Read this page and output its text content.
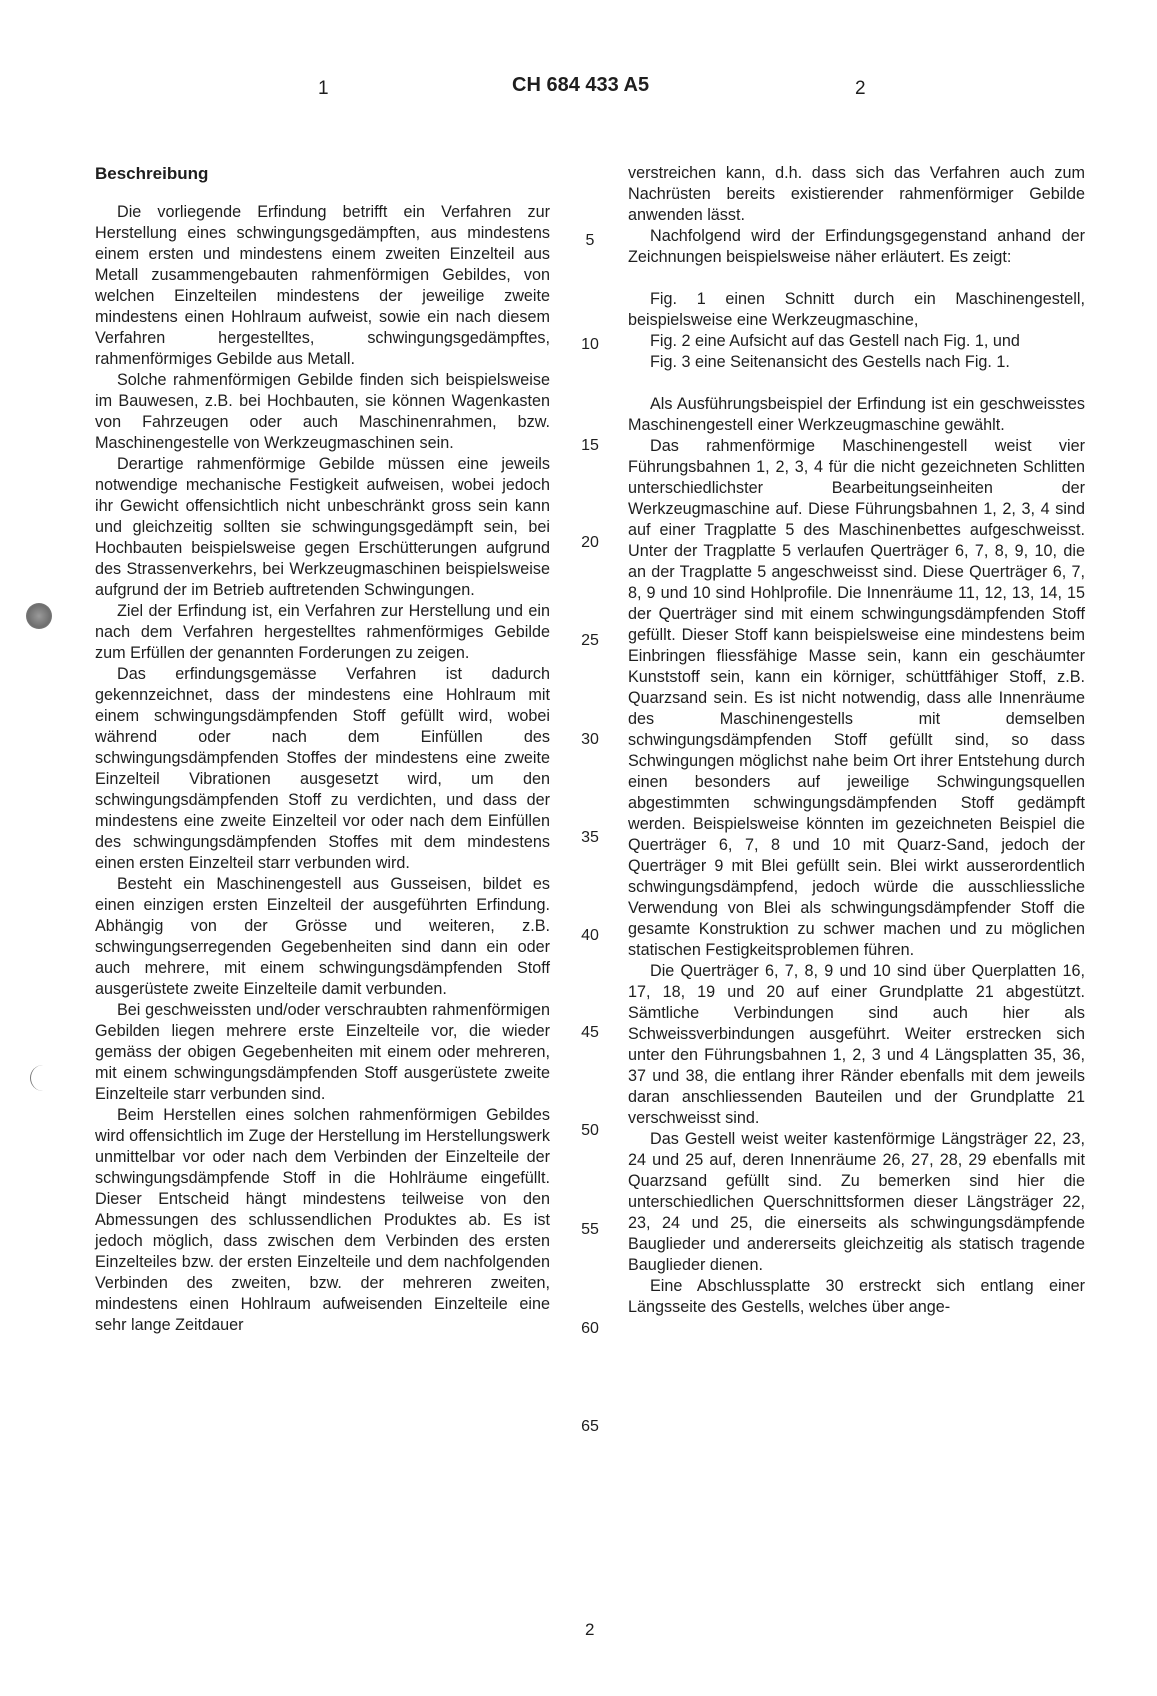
1	CH 684 433 A5	2

Beschreibung

Die vorliegende Erfindung betrifft ein Verfahren zur Herstellung eines schwingungsgedämpften, aus mindestens einem ersten und mindestens einem zweiten Einzelteil aus Metall zusammengebauten rahmenförmigen Gebildes, von welchen Einzelteilen mindestens der jeweilige zweite mindestens einen Hohlraum aufweist, sowie ein nach diesem Verfahren hergestelltes, schwingungsgedämpftes, rahmenförmiges Gebilde aus Metall.

Solche rahmenförmigen Gebilde finden sich beispielsweise im Bauwesen, z.B. bei Hochbauten, sie können Wagenkasten von Fahrzeugen oder auch Maschinenrahmen, bzw. Maschinengestelle von Werkzeugmaschinen sein.

Derartige rahmenförmige Gebilde müssen eine jeweils notwendige mechanische Festigkeit aufweisen, wobei jedoch ihr Gewicht offensichtlich nicht unbeschränkt gross sein kann und gleichzeitig sollten sie schwingungsgedämpft sein, bei Hochbauten beispielsweise gegen Erschütterungen aufgrund des Strassenverkehrs, bei Werkzeugmaschinen beispielsweise aufgrund der im Betrieb auftretenden Schwingungen.

Ziel der Erfindung ist, ein Verfahren zur Herstellung und ein nach dem Verfahren hergestelltes rahmenförmiges Gebilde zum Erfüllen der genannten Forderungen zu zeigen.

Das erfindungsgemässe Verfahren ist dadurch gekennzeichnet, dass der mindestens eine Hohlraum mit einem schwingungsdämpfenden Stoff gefüllt wird, wobei während oder nach dem Einfüllen des schwingungsdämpfenden Stoffes der mindestens eine zweite Einzelteil Vibrationen ausgesetzt wird, um den schwingungsdämpfenden Stoff zu verdichten, und dass der mindestens eine zweite Einzelteil vor oder nach dem Einfüllen des schwingungsdämpfenden Stoffes mit dem mindestens einen ersten Einzelteil starr verbunden wird.

Besteht ein Maschinengestell aus Gusseisen, bildet es einen einzigen ersten Einzelteil der ausgeführten Erfindung. Abhängig von der Grösse und weiteren, z.B. schwingungserregenden Gegebenheiten sind dann ein oder auch mehrere, mit einem schwingungsdämpfenden Stoff ausgerüstete zweite Einzelteile damit verbunden.

Bei geschweissten und/oder verschraubten rahmenförmigen Gebilden liegen mehrere erste Einzelteile vor, die wieder gemäss der obigen Gegebenheiten mit einem oder mehreren, mit einem schwingungsdämpfenden Stoff ausgerüstete zweite Einzelteile starr verbunden sind.

Beim Herstellen eines solchen rahmenförmigen Gebildes wird offensichtlich im Zuge der Herstellung im Herstellungswerk unmittelbar vor oder nach dem Verbinden der Einzelteile der schwingungsdämpfende Stoff in die Hohlräume eingefüllt. Dieser Entscheid hängt mindestens teilweise von den Abmessungen des schlussendlichen Produktes ab. Es ist jedoch möglich, dass zwischen dem Verbinden des ersten Einzelteiles bzw. der ersten Einzelteile und dem nachfolgenden Verbinden des zweiten, bzw. der mehreren zweiten, mindestens einen Hohlraum aufweisenden Einzelteile eine sehr lange Zeitdauer

5
10
15
20
25
30
35
40
45
50
55
60
65

verstreichen kann, d.h. dass sich das Verfahren auch zum Nachrüsten bereits existierender rahmenförmiger Gebilde anwenden lässt.

Nachfolgend wird der Erfindungsgegenstand anhand der Zeichnungen beispielsweise näher erläutert. Es zeigt:

Fig. 1 einen Schnitt durch ein Maschinengestell, beispielsweise eine Werkzeugmaschine,

Fig. 2 eine Aufsicht auf das Gestell nach Fig. 1, und

Fig. 3 eine Seitenansicht des Gestells nach Fig. 1.

Als Ausführungsbeispiel der Erfindung ist ein geschweisstes Maschinengestell einer Werkzeugmaschine gewählt.

Das rahmenförmige Maschinengestell weist vier Führungsbahnen 1, 2, 3, 4 für die nicht gezeichneten Schlitten unterschiedlichster Bearbeitungseinheiten der Werkzeugmaschine auf. Diese Führungsbahnen 1, 2, 3, 4 sind auf einer Tragplatte 5 des Maschinenbettes aufgeschweisst. Unter der Tragplatte 5 verlaufen Querträger 6, 7, 8, 9, 10, die an der Tragplatte 5 angeschweisst sind. Diese Querträger 6, 7, 8, 9 und 10 sind Hohlprofile. Die Innenräume 11, 12, 13, 14, 15 der Querträger sind mit einem schwingungsdämpfenden Stoff gefüllt. Dieser Stoff kann beispielsweise eine mindestens beim Einbringen fliessfähige Masse sein, kann ein geschäumter Kunststoff sein, kann ein körniger, schüttfähiger Stoff, z.B. Quarzsand sein. Es ist nicht notwendig, dass alle Innenräume des Maschinengestells mit demselben schwingungsdämpfenden Stoff gefüllt sind, so dass Schwingungen möglichst nahe beim Ort ihrer Entstehung durch einen besonders auf jeweilige Schwingungsquellen abgestimmten schwingungsdämpfenden Stoff gedämpft werden. Beispielsweise könnten im gezeichneten Beispiel die Querträger 6, 7, 8 und 10 mit Quarz-Sand, jedoch der Querträger 9 mit Blei gefüllt sein. Blei wirkt ausserordentlich schwingungsdämpfend, jedoch würde die ausschliessliche Verwendung von Blei als schwingungsdämpfender Stoff die gesamte Konstruktion zu schwer machen und zu möglichen statischen Festigkeitsproblemen führen.

Die Querträger 6, 7, 8, 9 und 10 sind über Querplatten 16, 17, 18, 19 und 20 auf einer Grundplatte 21 abgestützt. Sämtliche Verbindungen sind auch hier als Schweissverbindungen ausgeführt. Weiter erstrecken sich unter den Führungsbahnen 1, 2, 3 und 4 Längsplatten 35, 36, 37 und 38, die entlang ihrer Ränder ebenfalls mit dem jeweils daran anschliessenden Bauteilen und der Grundplatte 21 verschweisst sind.

Das Gestell weist weiter kastenförmige Längsträger 22, 23, 24 und 25 auf, deren Innenräume 26, 27, 28, 29 ebenfalls mit Quarzsand gefüllt sind. Zu bemerken sind hier die unterschiedlichen Querschnittsformen dieser Längsträger 22, 23, 24 und 25, die einerseits als schwingungsdämpfende Bauglieder und andererseits gleichzeitig als statisch tragende Bauglieder dienen.

Eine Abschlussplatte 30 erstreckt sich entlang einer Längsseite des Gestells, welches über ange-

2
